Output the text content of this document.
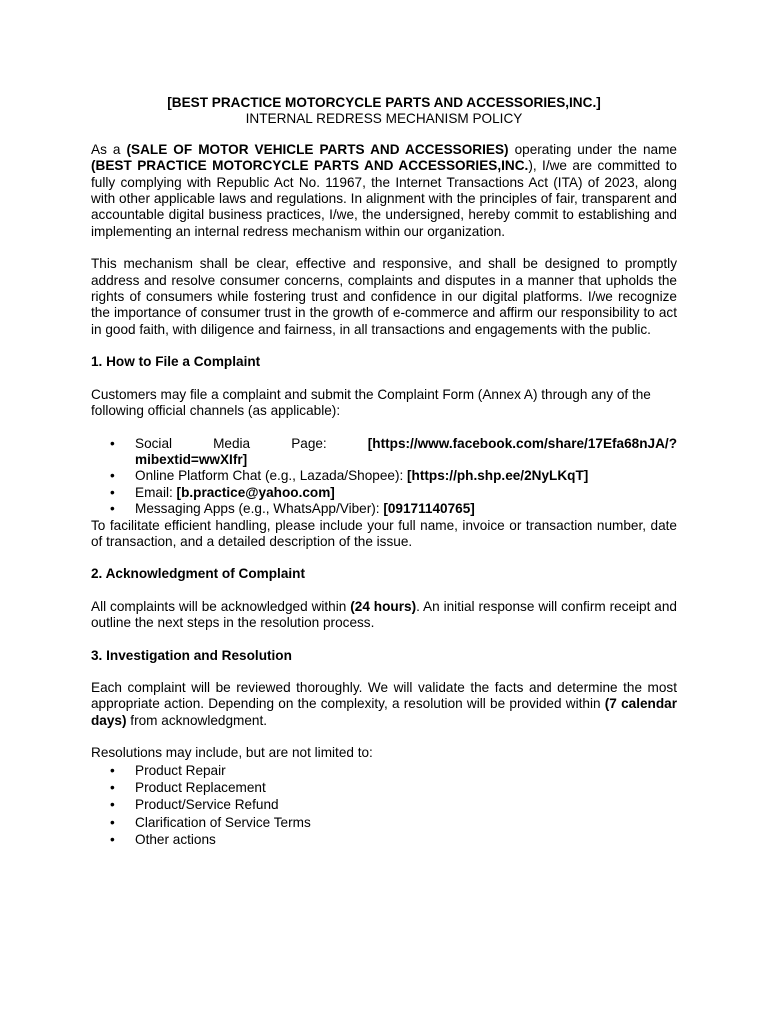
[BEST PRACTICE MOTORCYCLE PARTS AND ACCESSORIES,INC.]
INTERNAL REDRESS MECHANISM POLICY

As a (SALE OF MOTOR VEHICLE PARTS AND ACCESSORIES) operating under the name (BEST PRACTICE MOTORCYCLE PARTS AND ACCESSORIES,INC.), I/we are committed to fully complying with Republic Act No. 11967, the Internet Transactions Act (ITA) of 2023, along with other applicable laws and regulations. In alignment with the principles of fair, transparent and accountable digital business practices, I/we, the undersigned, hereby commit to establishing and implementing an internal redress mechanism within our organization.

This mechanism shall be clear, effective and responsive, and shall be designed to promptly address and resolve consumer concerns, complaints and disputes in a manner that upholds the rights of consumers while fostering trust and confidence in our digital platforms. I/we recognize the importance of consumer trust in the growth of e-commerce and affirm our responsibility to act in good faith, with diligence and fairness, in all transactions and engagements with the public.

1. How to File a Complaint

Customers may file a complaint and submit the Complaint Form (Annex A) through any of the following official channels (as applicable):

• Social	Media	Page:	[https://www.facebook.com/share/17Efa68nJA/?
mibextid=wwXIfr]
• Online Platform Chat (e.g., Lazada/Shopee): [https://ph.shp.ee/2NyLKqT]
• Email: [b.practice@yahoo.com]
• Messaging Apps (e.g., WhatsApp/Viber): [09171140765]

To facilitate efficient handling, please include your full name, invoice or transaction number, date of transaction, and a detailed description of the issue.

2. Acknowledgment of Complaint

All complaints will be acknowledged within (24 hours). An initial response will confirm receipt and outline the next steps in the resolution process.

3. Investigation and Resolution

Each complaint will be reviewed thoroughly. We will validate the facts and determine the most appropriate action. Depending on the complexity, a resolution will be provided within (7 calendar days) from acknowledgment.

Resolutions may include, but are not limited to:

• Product Repair
• Product Replacement
• Product/Service Refund
• Clarification of Service Terms
• Other actions
